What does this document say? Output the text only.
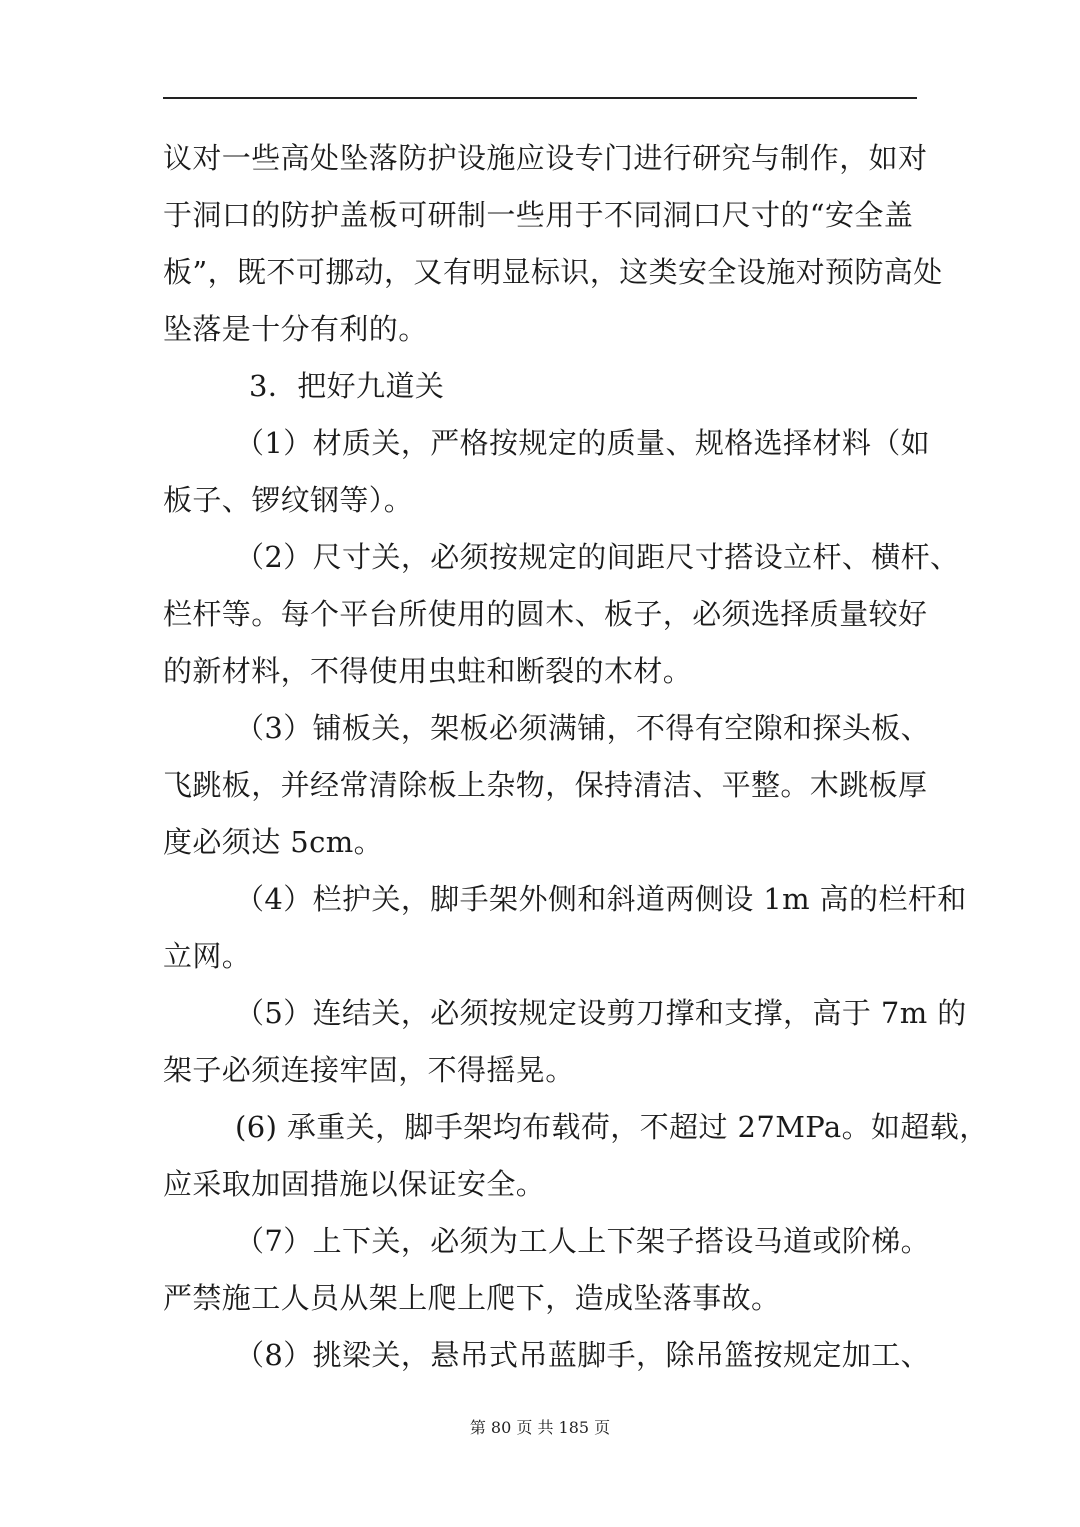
议对一些高处坠落防护设施应设专门进行研究与制作，如对
于洞口的防护盖板可研制一些用于不同洞口尺寸的“安全盖
板”，既不可挪动，又有明显标识，这类安全设施对预防高处
坠落是十分有利的。
3．把好九道关
（1）材质关，严格按规定的质量、规格选择材料（如
板子、锣纹钢等）。
（2）尺寸关，必须按规定的间距尺寸搭设立杆、横杆、
栏杆等。每个平台所使用的圆木、板子，必须选择质量较好
的新材料，不得使用虫蛀和断裂的木材。
（3）铺板关，架板必须满铺，不得有空隙和探头板、
飞跳板，并经常清除板上杂物，保持清洁、平整。木跳板厚
度必须达 5cm。
（4）栏护关，脚手架外侧和斜道两侧设 1m 高的栏杆和
立网。
（5）连结关，必须按规定设剪刀撑和支撑，高于 7m 的
架子必须连接牢固，不得摇晃。
(6) 承重关，脚手架均布载荷，不超过 27MPa。如超载，
应采取加固措施以保证安全。
（7）上下关，必须为工人上下架子搭设马道或阶梯。
严禁施工人员从架上爬上爬下，造成坠落事故。
（8）挑梁关，悬吊式吊蓝脚手，除吊篮按规定加工、
第 80 页 共 185 页
